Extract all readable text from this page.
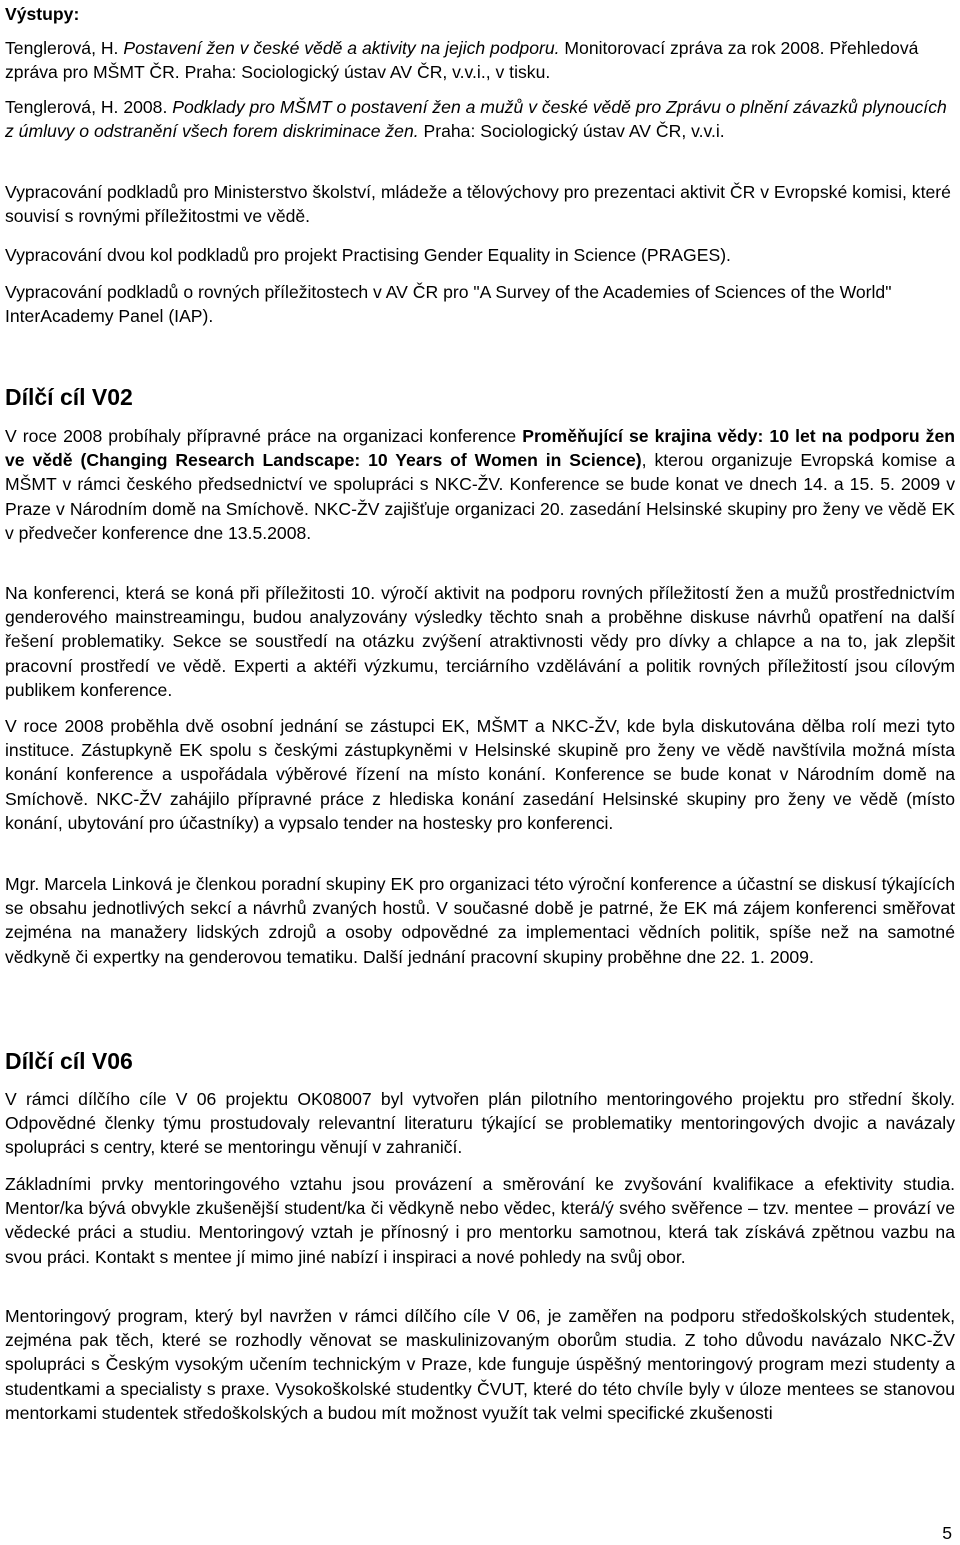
Výstupy:
Tenglerová, H. Postavení žen v české vědě a aktivity na jejich podporu. Monitorovací zpráva za rok 2008. Přehledová zpráva pro MŠMT ČR. Praha: Sociologický ústav AV ČR, v.v.i., v tisku.
Tenglerová, H. 2008. Podklady pro MŠMT o postavení žen a mužů v české vědě pro Zprávu o plnění závazků plynoucích z úmluvy o odstranění všech forem diskriminace žen. Praha: Sociologický ústav AV ČR, v.v.i.
Vypracování podkladů pro Ministerstvo školství, mládeže a tělovýchovy pro prezentaci aktivit ČR v Evropské komisi, které souvisí s rovnými příležitostmi ve vědě.
Vypracování dvou kol podkladů pro projekt Practising Gender Equality in Science (PRAGES).
Vypracování podkladů o rovných příležitostech v AV ČR pro "A Survey of the Academies of Sciences of the World" InterAcademy Panel (IAP).
Dílčí cíl V02
V roce 2008 probíhaly přípravné práce na organizaci konference Proměňující se krajina vědy: 10 let na podporu žen ve vědě (Changing Research Landscape: 10 Years of Women in Science), kterou organizuje Evropská komise a MŠMT v rámci českého předsednictví ve spolupráci s NKC-ŽV. Konference se bude konat ve dnech 14. a 15. 5. 2009 v Praze v Národním domě na Smíchově. NKC-ŽV zajišťuje organizaci 20. zasedání Helsinské skupiny pro ženy ve vědě EK v předvečer konference dne 13.5.2008.
Na konferenci, která se koná při příležitosti 10. výročí aktivit na podporu rovných příležitostí žen a mužů prostřednictvím genderového mainstreamingu, budou analyzovány výsledky těchto snah a proběhne diskuse návrhů opatření na další řešení problematiky. Sekce se soustředí na otázku zvýšení atraktivnosti vědy pro dívky a chlapce a na to, jak zlepšit pracovní prostředí ve vědě. Experti a aktéři výzkumu, terciárního vzdělávání a politik rovných příležitostí jsou cílovým publikem konference.
V roce 2008 proběhla dvě osobní jednání se zástupci EK, MŠMT a NKC-ŽV, kde byla diskutována dělba rolí mezi tyto instituce. Zástupkyně EK spolu s českými zástupkyněmi v Helsinské skupině pro ženy ve vědě navštívila možná místa konání konference a uspořádala výběrové řízení na místo konání. Konference se bude konat v Národním domě na Smíchově. NKC-ŽV zahájilo přípravné práce z hlediska konání zasedání Helsinské skupiny pro ženy ve vědě (místo konání, ubytování pro účastníky) a vypsalo tender na hostesky pro konferenci.
Mgr. Marcela Linková je členkou poradní skupiny EK pro organizaci této výroční konference a účastní se diskusí týkajících se obsahu jednotlivých sekcí a návrhů zvaných hostů. V současné době je patrné, že EK má zájem konferenci směřovat zejména na manažery lidských zdrojů a osoby odpovědné za implementaci vědních politik, spíše než na samotné vědkyně či expertky na genderovou tematiku. Další jednání pracovní skupiny proběhne dne 22. 1. 2009.
Dílčí cíl V06
V rámci dílčího cíle V 06 projektu OK08007 byl vytvořen plán pilotního mentoringového projektu pro střední školy. Odpovědné členky týmu prostudovaly relevantní literaturu týkající se problematiky mentoringových dvojic a navázaly spolupráci s centry, které se mentoringu věnují v zahraničí.
Základními prvky mentoringového vztahu jsou provázení a směrování ke zvyšování kvalifikace a efektivity studia. Mentor/ka bývá obvykle zkušenější student/ka či vědkyně nebo vědec, která/ý svého svěřence – tzv. mentee – provází ve vědecké práci a studiu. Mentoringový vztah je přínosný i pro mentorku samotnou, která tak získává zpětnou vazbu na svou práci. Kontakt s mentee jí mimo jiné nabízí i inspiraci a nové pohledy na svůj obor.
Mentoringový program, který byl navržen v rámci dílčího cíle V 06, je zaměřen na podporu středoškolských studentek, zejména pak těch, které se rozhodly věnovat se maskulinizovaným oborům studia. Z toho důvodu navázalo NKC-ŽV spolupráci s Českým vysokým učením technickým v Praze, kde funguje úspěšný mentoringový program mezi studenty a studentkami a specialisty s praxe. Vysokoškolské studentky ČVUT, které do této chvíle byly v úloze mentees se stanovou mentorkami studentek středoškolských a budou mít možnost využít tak velmi specifické zkušenosti
5
